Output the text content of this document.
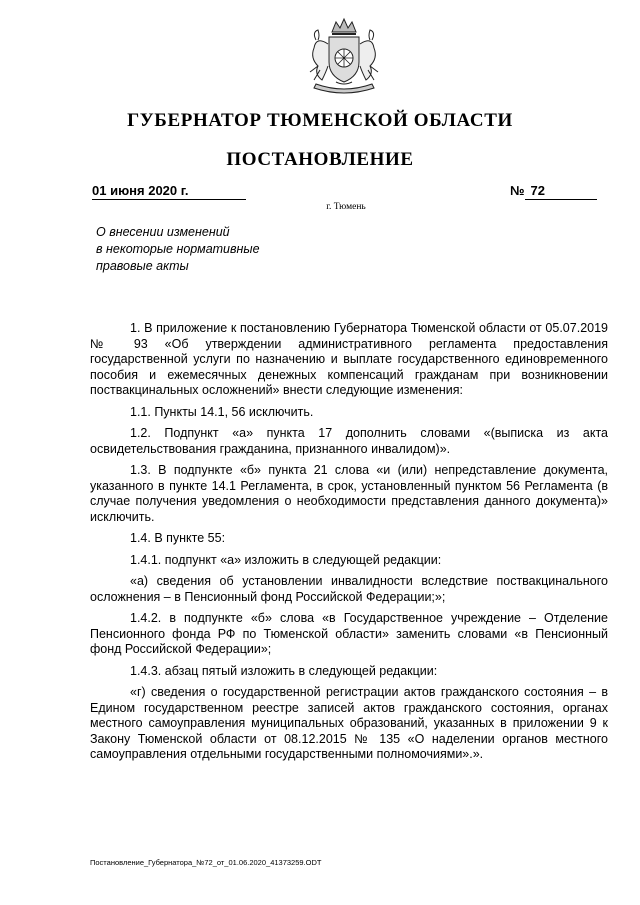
ГУБЕРНАТОР ТЮМЕНСКОЙ ОБЛАСТИ
ПОСТАНОВЛЕНИЕ
01 июня 2020 г.	№ 72
г. Тюмень
О внесении изменений
в некоторые нормативные
правовые акты

1. В приложение к постановлению Губернатора Тюменской области от 05.07.2019 № 93 «Об утверждении административного регламента предоставления государственной услуги по назначению и выплате государственного единовременного пособия и ежемесячных денежных компенсаций гражданам при возникновении поствакцинальных осложнений» внести следующие изменения:

1.1. Пункты 14.1, 56 исключить.

1.2. Подпункт «а» пункта 17 дополнить словами «(выписка из акта освидетельствования гражданина, признанного инвалидом)».

1.3. В подпункте «б» пункта 21 слова «и (или) непредставление документа, указанного в пункте 14.1 Регламента, в срок, установленный пунктом 56 Регламента (в случае получения уведомления о необходимости представления данного документа)» исключить.

1.4. В пункте 55:

1.4.1. подпункт «а» изложить в следующей редакции:

«а) сведения об установлении инвалидности вследствие поствакцинального осложнения – в Пенсионный фонд Российской Федерации;»;

1.4.2. в подпункте «б» слова «в Государственное учреждение – Отделение Пенсионного фонда РФ по Тюменской области» заменить словами «в Пенсионный фонд Российской Федерации»;

1.4.3. абзац пятый изложить в следующей редакции:

«г) сведения о государственной регистрации актов гражданского состояния – в Едином государственном реестре записей актов гражданского состояния, органах местного самоуправления муниципальных образований, указанных в приложении 9 к Закону Тюменской области от 08.12.2015 № 135 «О наделении органов местного самоуправления отдельными государственными полномочиями».».

Постановление_Губернатора_№72_от_01.06.2020_41373259.ODT
